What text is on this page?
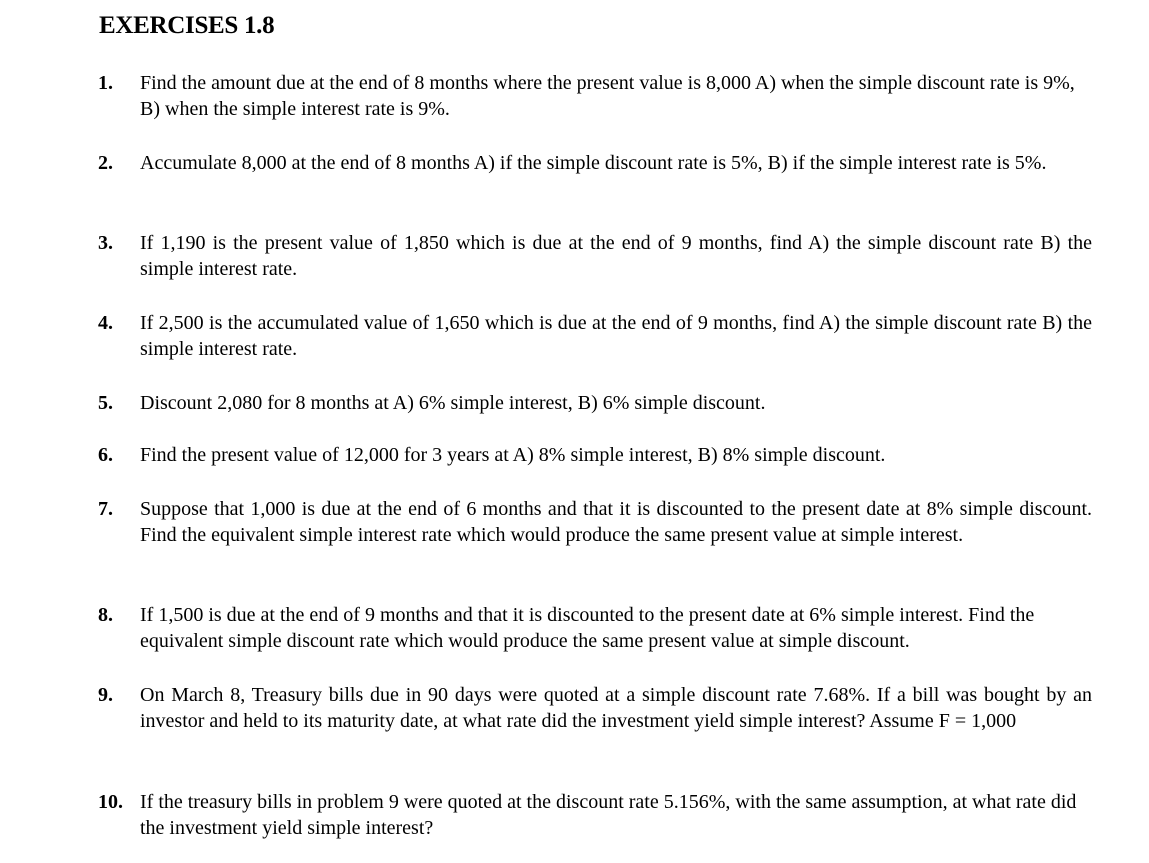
EXERCISES 1.8
1. Find the amount due at the end of 8 months where the present value is 8,000 A) when the simple discount rate is 9%, B) when the simple interest rate is 9%.
2. Accumulate 8,000 at the end of 8 months A) if the simple discount rate is 5%, B) if the simple interest rate is 5%.
3. If 1,190 is the present value of 1,850 which is due at the end of 9 months, find A) the simple discount rate B) the simple interest rate.
4. If 2,500 is the accumulated value of 1,650 which is due at the end of 9 months, find A) the simple discount rate B) the simple interest rate.
5. Discount 2,080 for 8 months at A) 6% simple interest, B) 6% simple discount.
6. Find the present value of 12,000 for 3 years at A) 8% simple interest, B) 8% simple discount.
7. Suppose that 1,000 is due at the end of 6 months and that it is discounted to the present date at 8% simple discount. Find the equivalent simple interest rate which would produce the same present value at simple interest.
8. If 1,500 is due at the end of 9 months and that it is discounted to the present date at 6% simple interest. Find the equivalent simple discount rate which would produce the same present value at simple discount.
9. On March 8, Treasury bills due in 90 days were quoted at a simple discount rate 7.68%. If a bill was bought by an investor and held to its maturity date, at what rate did the investment yield simple interest? Assume F = 1,000
10. If the treasury bills in problem 9 were quoted at the discount rate 5.156%, with the same assumption, at what rate did the investment yield simple interest?
